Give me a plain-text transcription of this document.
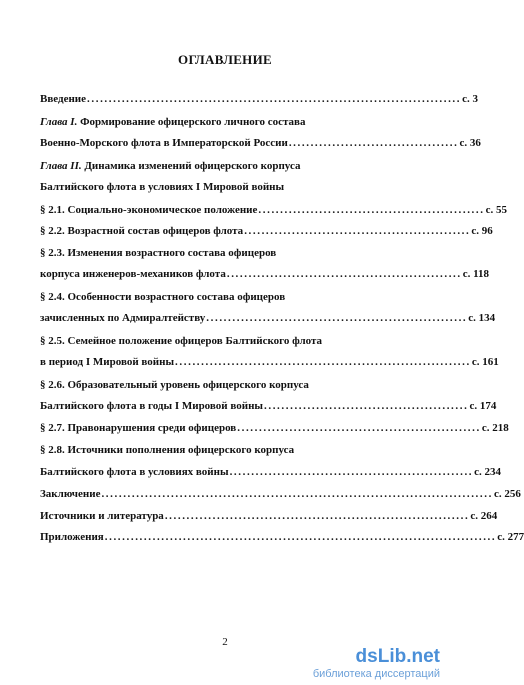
ОГЛАВЛЕНИЕ
Введение ...................................................................................... с. 3
Глава I. Формирование офицерского личного состава
Военно-Морского флота в Императорской России ....................................... с. 36
Глава II. Динамика изменений офицерского корпуса
Балтийского флота в условиях I Мировой войны
§ 2.1. Социально-экономическое положение .................................................... с. 55
§ 2.2. Возрастной состав офицеров флота .................................................... с. 96
§ 2.3. Изменения возрастного состава офицеров
корпуса инженеров-механиков флота ...................................................... с. 118
§ 2.4. Особенности возрастного состава офицеров
зачисленных по Адмиралтейству ............................................................ с. 134
§ 2.5. Семейное положение офицеров Балтийского флота
в период I Мировой войны .................................................................... с. 161
§ 2.6. Образовательный уровень офицерского корпуса
Балтийского флота в годы I Мировой войны ............................................... с. 174
§ 2.7. Правонарушения среди офицеров ........................................................ с. 218
§ 2.8. Источники пополнения офицерского корпуса
Балтийского флота в условиях войны ........................................................ с. 234
Заключение .......................................................................................... с. 256
Источники и литература ...................................................................... с. 264
Приложения .......................................................................................... с. 277
2
dsLib.net
библиотека диссертаций
